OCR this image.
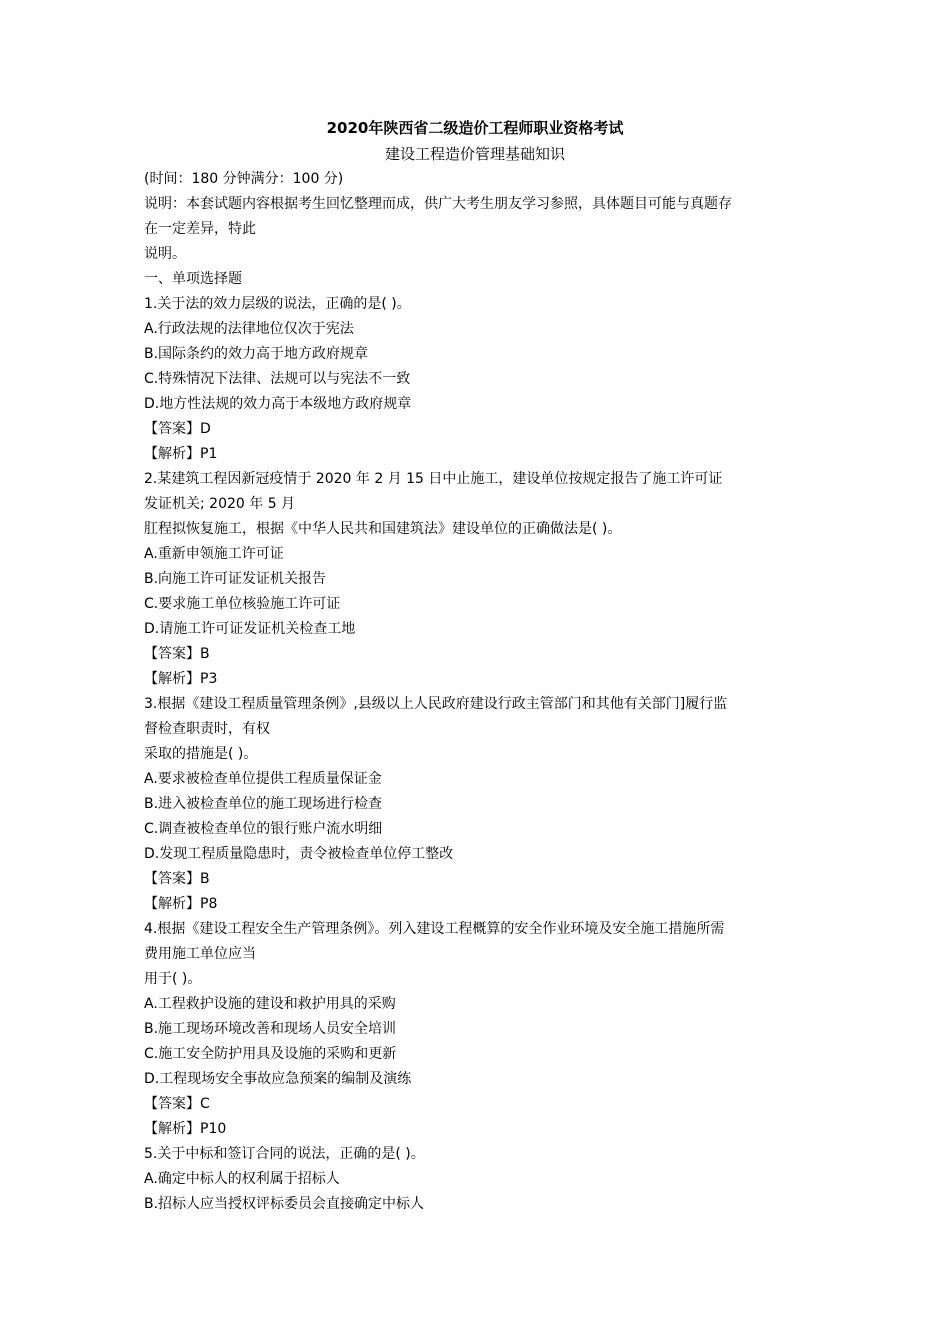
2020年陕西省二级造价工程师职业资格考试
建设工程造价管理基础知识
(时间：180 分钟满分：100 分)
说明：本套试题内容根据考生回忆整理而成，供广大考生朋友学习参照，具体题目可能与真题存
在一定差异，特此
说明。
一、单项选择题
1.关于法的效力层级的说法，正确的是( )。
A.行政法规的法律地位仅次于宪法
B.国际条约的效力高于地方政府规章
C.特殊情况下法律、法规可以与宪法不一致
D.地方性法规的效力高于本级地方政府规章
【答案】D
【解析】P1
2.某建筑工程因新冠疫情于 2020 年 2 月 15 日中止施工，建设单位按规定报告了施工许可证
发证机关; 2020 年 5 月
肛程拟恢复施工，根据《中华人民共和国建筑法》建设单位的正确做法是( )。
A.重新申领施工许可证
B.向施工许可证发证机关报告
C.要求施工单位核验施工许可证
D.请施工许可证发证机关检查工地
【答案】B
【解析】P3
3.根据《建设工程质量管理条例》,县级以上人民政府建设行政主管部门和其他有关部门]履行监
督检查职责时，有权
采取的措施是( )。
A.要求被检查单位提供工程质量保证金
B.进入被检查单位的施工现场进行检查
C.调查被检查单位的银行账户流水明细
D.发现工程质量隐患时，责令被检查单位停工整改
【答案】B
【解析】P8
4.根据《建设工程安全生产管理条例》。列入建设工程概算的安全作业环境及安全施工措施所需
费用施工单位应当
用于( )。
A.工程救护设施的建设和救护用具的采购
B.施工现场环境改善和现场人员安全培训
C.施工安全防护用具及设施的采购和更新
D.工程现场安全事故应急预案的编制及演练
【答案】C
【解析】P10
5.关于中标和签订合同的说法，正确的是( )。
A.确定中标人的权利属于招标人
B.招标人应当授权评标委员会直接确定中标人
